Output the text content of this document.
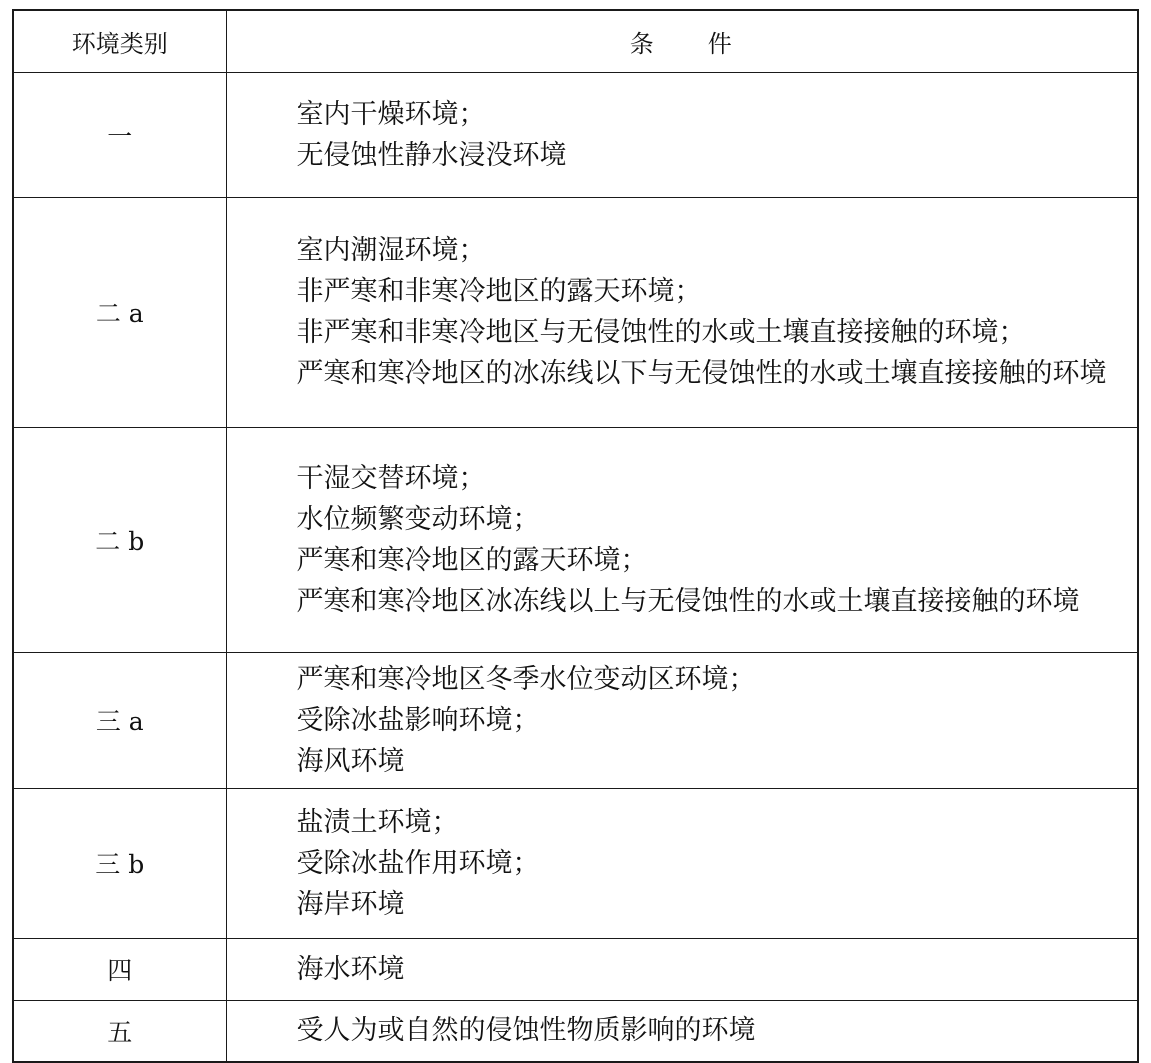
环境类别	条　　件
一	室内干燥环境；
无侵蚀性静水浸没环境

二 a	室内潮湿环境；
非严寒和非寒冷地区的露天环境；
非严寒和非寒冷地区与无侵蚀性的水或土壤直接接触的环境；
严寒和寒冷地区的冰冻线以下与无侵蚀性的水或土壤直接接触的环境

二 b	干湿交替环境；
水位频繁变动环境；
严寒和寒冷地区的露天环境；
严寒和寒冷地区冰冻线以上与无侵蚀性的水或土壤直接接触的环境

三 a	严寒和寒冷地区冬季水位变动区环境；
受除冰盐影响环境；
海风环境

三 b	盐渍土环境；
受除冰盐作用环境；
海岸环境

四	海水环境

五	受人为或自然的侵蚀性物质影响的环境
